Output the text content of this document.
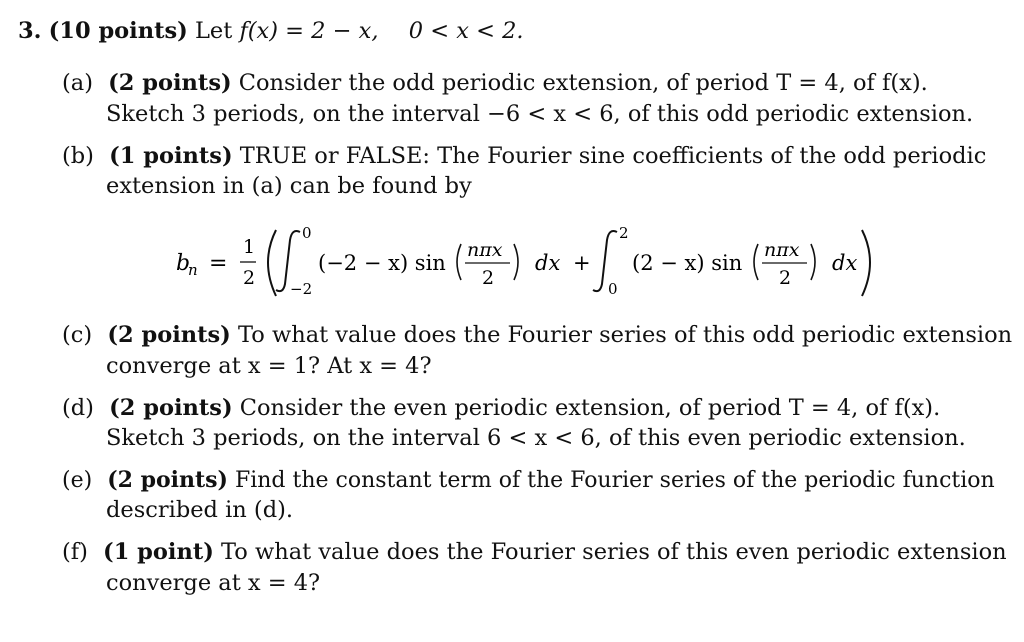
3. (10 points) Let f(x) = 2 − x, 0 < x < 2.
(a) (2 points) Consider the odd periodic extension, of period T = 4, of f(x).
Sketch 3 periods, on the interval −6 < x < 6, of this odd periodic extension.
(b) (1 points) TRUE or FALSE: The Fourier sine coefficients of the odd periodic
extension in (a) can be found by
b
n =
1
2
0
−2
(−2 − x) sin
nπx
2
dx +
2
0
(2 − x) sin
nπx
2
dx
(c) (2 points) To what value does the Fourier series of this odd periodic extension
converge at x = 1? At x = 4?
(d) (2 points) Consider the even periodic extension, of period T = 4, of f(x).
Sketch 3 periods, on the interval 6 < x < 6, of this even periodic extension.
(e) (2 points) Find the constant term of the Fourier series of the periodic function
described in (d).
(f) (1 point) To what value does the Fourier series of this even periodic extension
converge at x = 4?
